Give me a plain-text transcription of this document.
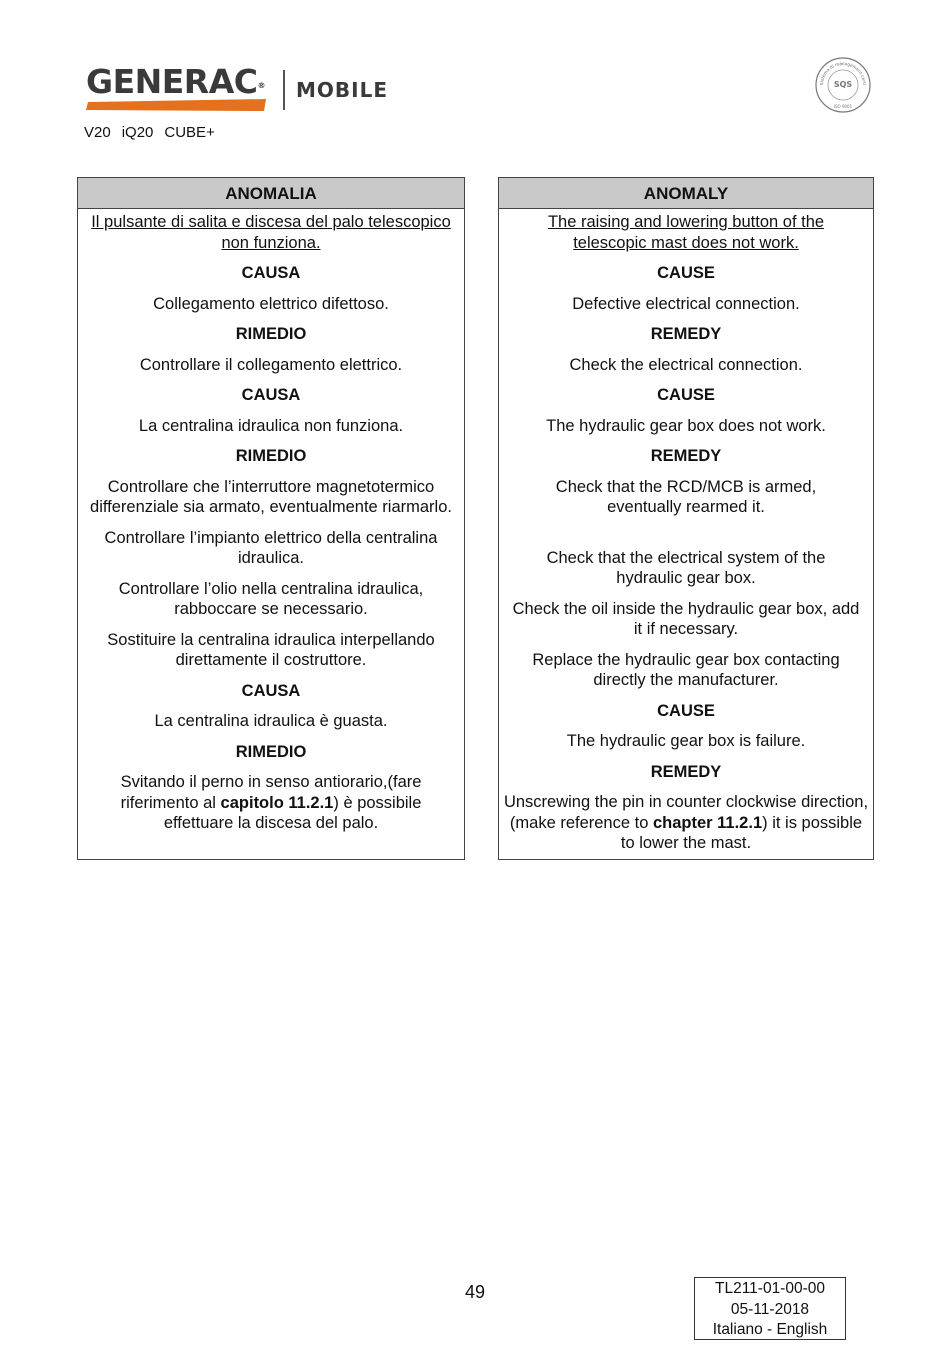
GENERAC® MOBILE	Sistema di management certi
SQS
ISO 9001
V20 iQ20 CUBE+
ANOMALIA

Il pulsante di salita e discesa del palo telescopico non funziona.

CAUSA

Collegamento elettrico difettoso.

RIMEDIO

Controllare il collegamento elettrico.

CAUSA

La centralina idraulica non funziona.

RIMEDIO

Controllare che l’interruttore magnetotermico differenziale sia armato, eventualmente riarmarlo.

Controllare l’impianto elettrico della centralina idraulica.

Controllare l’olio nella centralina idraulica, rabboccare se necessario.

Sostituire la centralina idraulica interpellando direttamente il costruttore.

CAUSA

La centralina idraulica è guasta.

RIMEDIO

Svitando il perno in senso antiorario,(fare riferimento al capitolo 11.2.1) è possibile effettuare la discesa del palo.

ANOMALY

The raising and lowering button of the telescopic mast does not work.

CAUSE

Defective electrical connection.

REMEDY

Check the electrical connection.

CAUSE

The hydraulic gear box does not work.

REMEDY

Check that the RCD/MCB is armed, eventually rearmed it.

Check that the electrical system of the hydraulic gear box.

Check the oil inside the hydraulic gear box, add it if necessary.

Replace the hydraulic gear box contacting directly the manufacturer.

CAUSE

The hydraulic gear box is failure.

REMEDY

Unscrewing the pin in counter clockwise direction, (make reference to chapter 11.2.1) it is possible to lower the mast.

49	TL211-01-00-00
05-11-2018
Italiano - English
